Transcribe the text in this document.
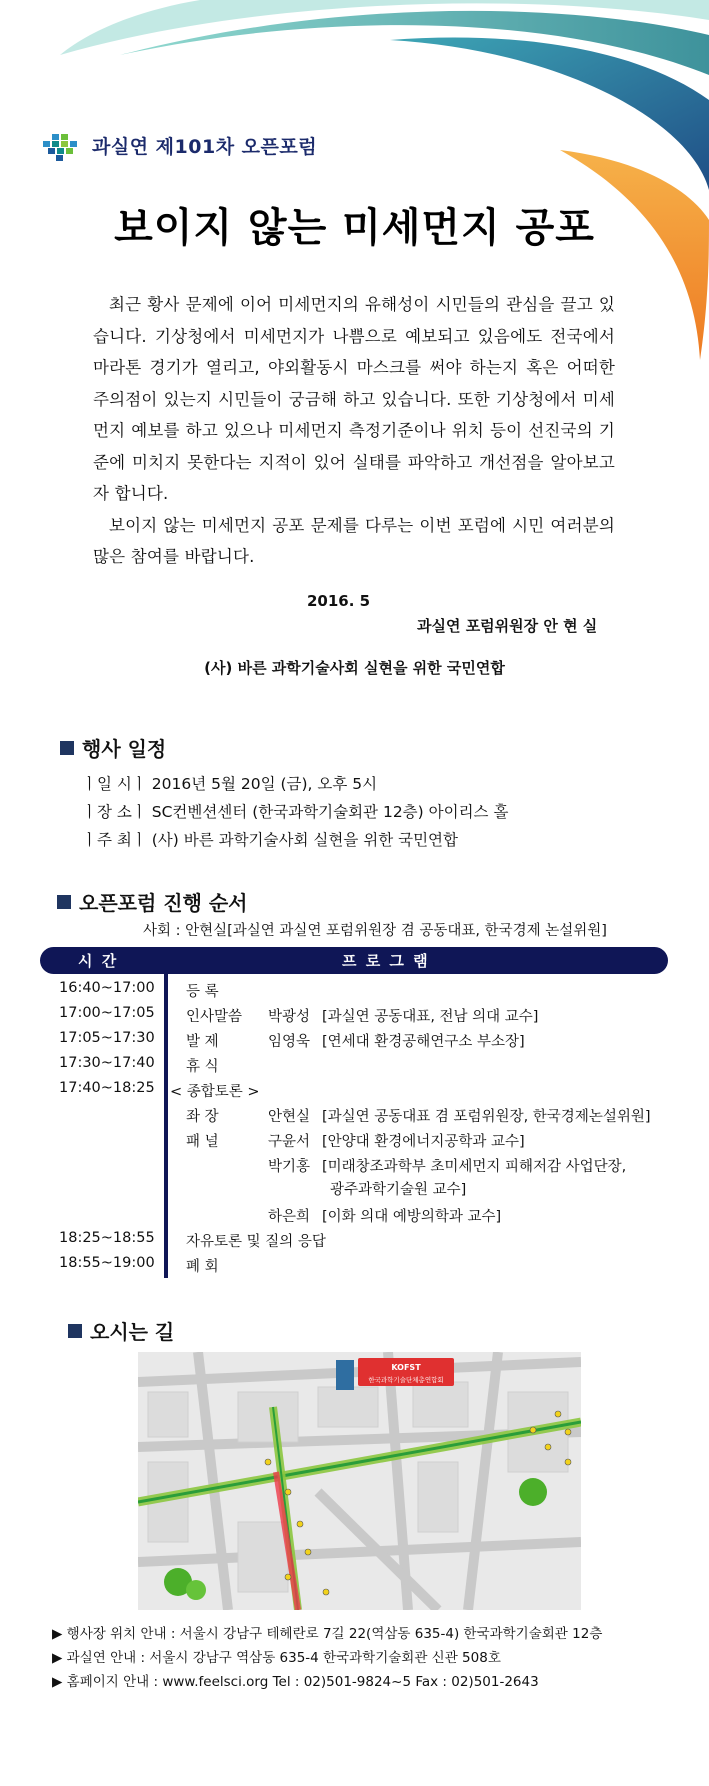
과실연 제101차 오픈포럼
보이지 않는 미세먼지 공포

최근 황사 문제에 이어 미세먼지의 유해성이 시민들의 관심을 끌고 있습니다. 기상청에서 미세먼지가 나쁨으로 예보되고 있음에도 전국에서 마라톤 경기가 열리고, 야외활동시 마스크를 써야 하는지 혹은 어떠한 주의점이 있는지 시민들이 궁금해 하고 있습니다. 또한 기상청에서 미세먼지 예보를 하고 있으나 미세먼지 측정기준이나 위치 등이 선진국의 기준에 미치지 못한다는 지적이 있어 실태를 파악하고 개선점을 알아보고자 합니다.

보이지 않는 미세먼지 공포 문제를 다루는 이번 포럼에 시민 여러분의 많은 참여를 바랍니다.

2016. 5
과실연 포럼위원장 안 현 실
(사) 바른 과학기술사회 실현을 위한 국민연합
행사 일정
ㅣ일 시ㅣ 2016년 5월 20일 (금), 오후 5시
ㅣ장 소ㅣ SC컨벤션센터 (한국과학기술회관 12층) 아이리스 홀
ㅣ주 최ㅣ (사) 바른 과학기술사회 실현을 위한 국민연합
오픈포럼 진행 순서
사회 : 안현실[과실연 과실연 포럼위원장 겸 공동대표, 한국경제 논설위원]
시 간	프 로 그 램
16:40~17:00 등 록
17:00~17:05 인사말씀 박광성 [과실연 공동대표, 전남 의대 교수]
17:05~17:30 발 제	임영욱 [연세대 환경공해연구소 부소장]
17:30~17:40 휴 식
17:40~18:25 < 종합토론 >
좌 장	안현실 [과실연 공동대표 겸 포럼위원장, 한국경제논설위원]
패 널	구윤서 [안양대 환경에너지공학과 교수]
박기홍 [미래창조과학부 초미세먼지 피해저감 사업단장,
광주과학기술원 교수]
하은희 [이화 의대 예방의학과 교수]
18:25~18:55 자유토론 및 질의 응답
18:55~19:00 폐 회
오시는 길
KOFST
한국과학기술단체총연합회
▶ 행사장 위치 안내 : 서울시 강남구 테헤란로 7길 22(역삼동 635-4) 한국과학기술회관 12층
▶ 과실연 안내 : 서울시 강남구 역삼동 635-4 한국과학기술회관 신관 508호
▶ 홈페이지 안내 : www.feelsci.org Tel : 02)501-9824~5 Fax : 02)501-2643
